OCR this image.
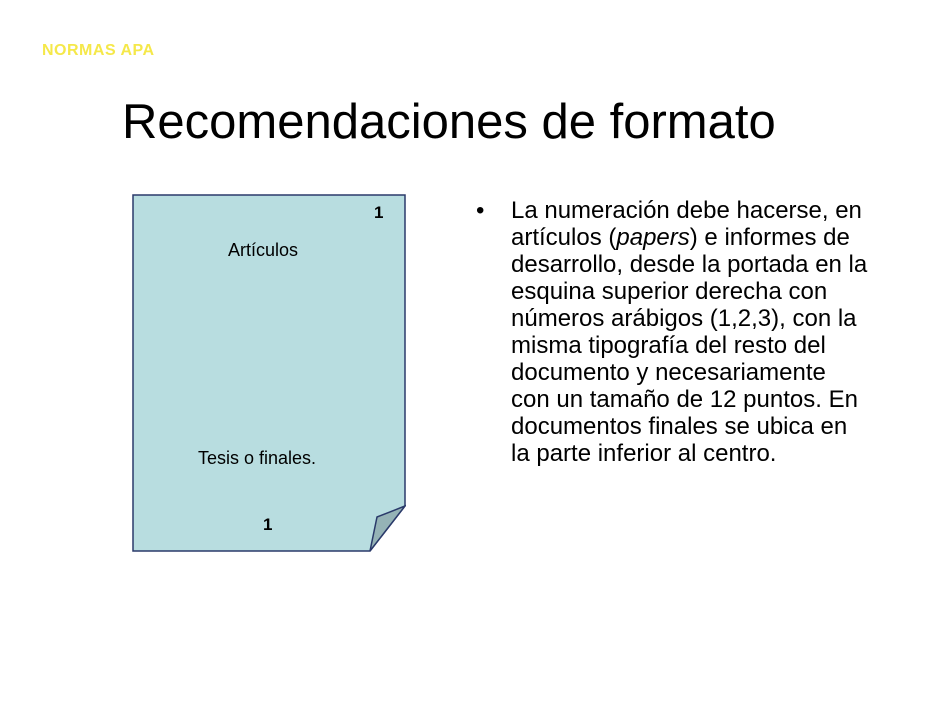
NORMAS APA
Recomendaciones de formato
1
Artículos
Tesis o finales.
1
• La numeración debe hacerse, en artículos (papers) e informes de desarrollo, desde la portada en la esquina superior derecha con números arábigos (1,2,3), con la misma tipografía del resto del documento y necesariamente con un tamaño de 12 puntos. En documentos finales se ubica en la parte inferior al centro.
